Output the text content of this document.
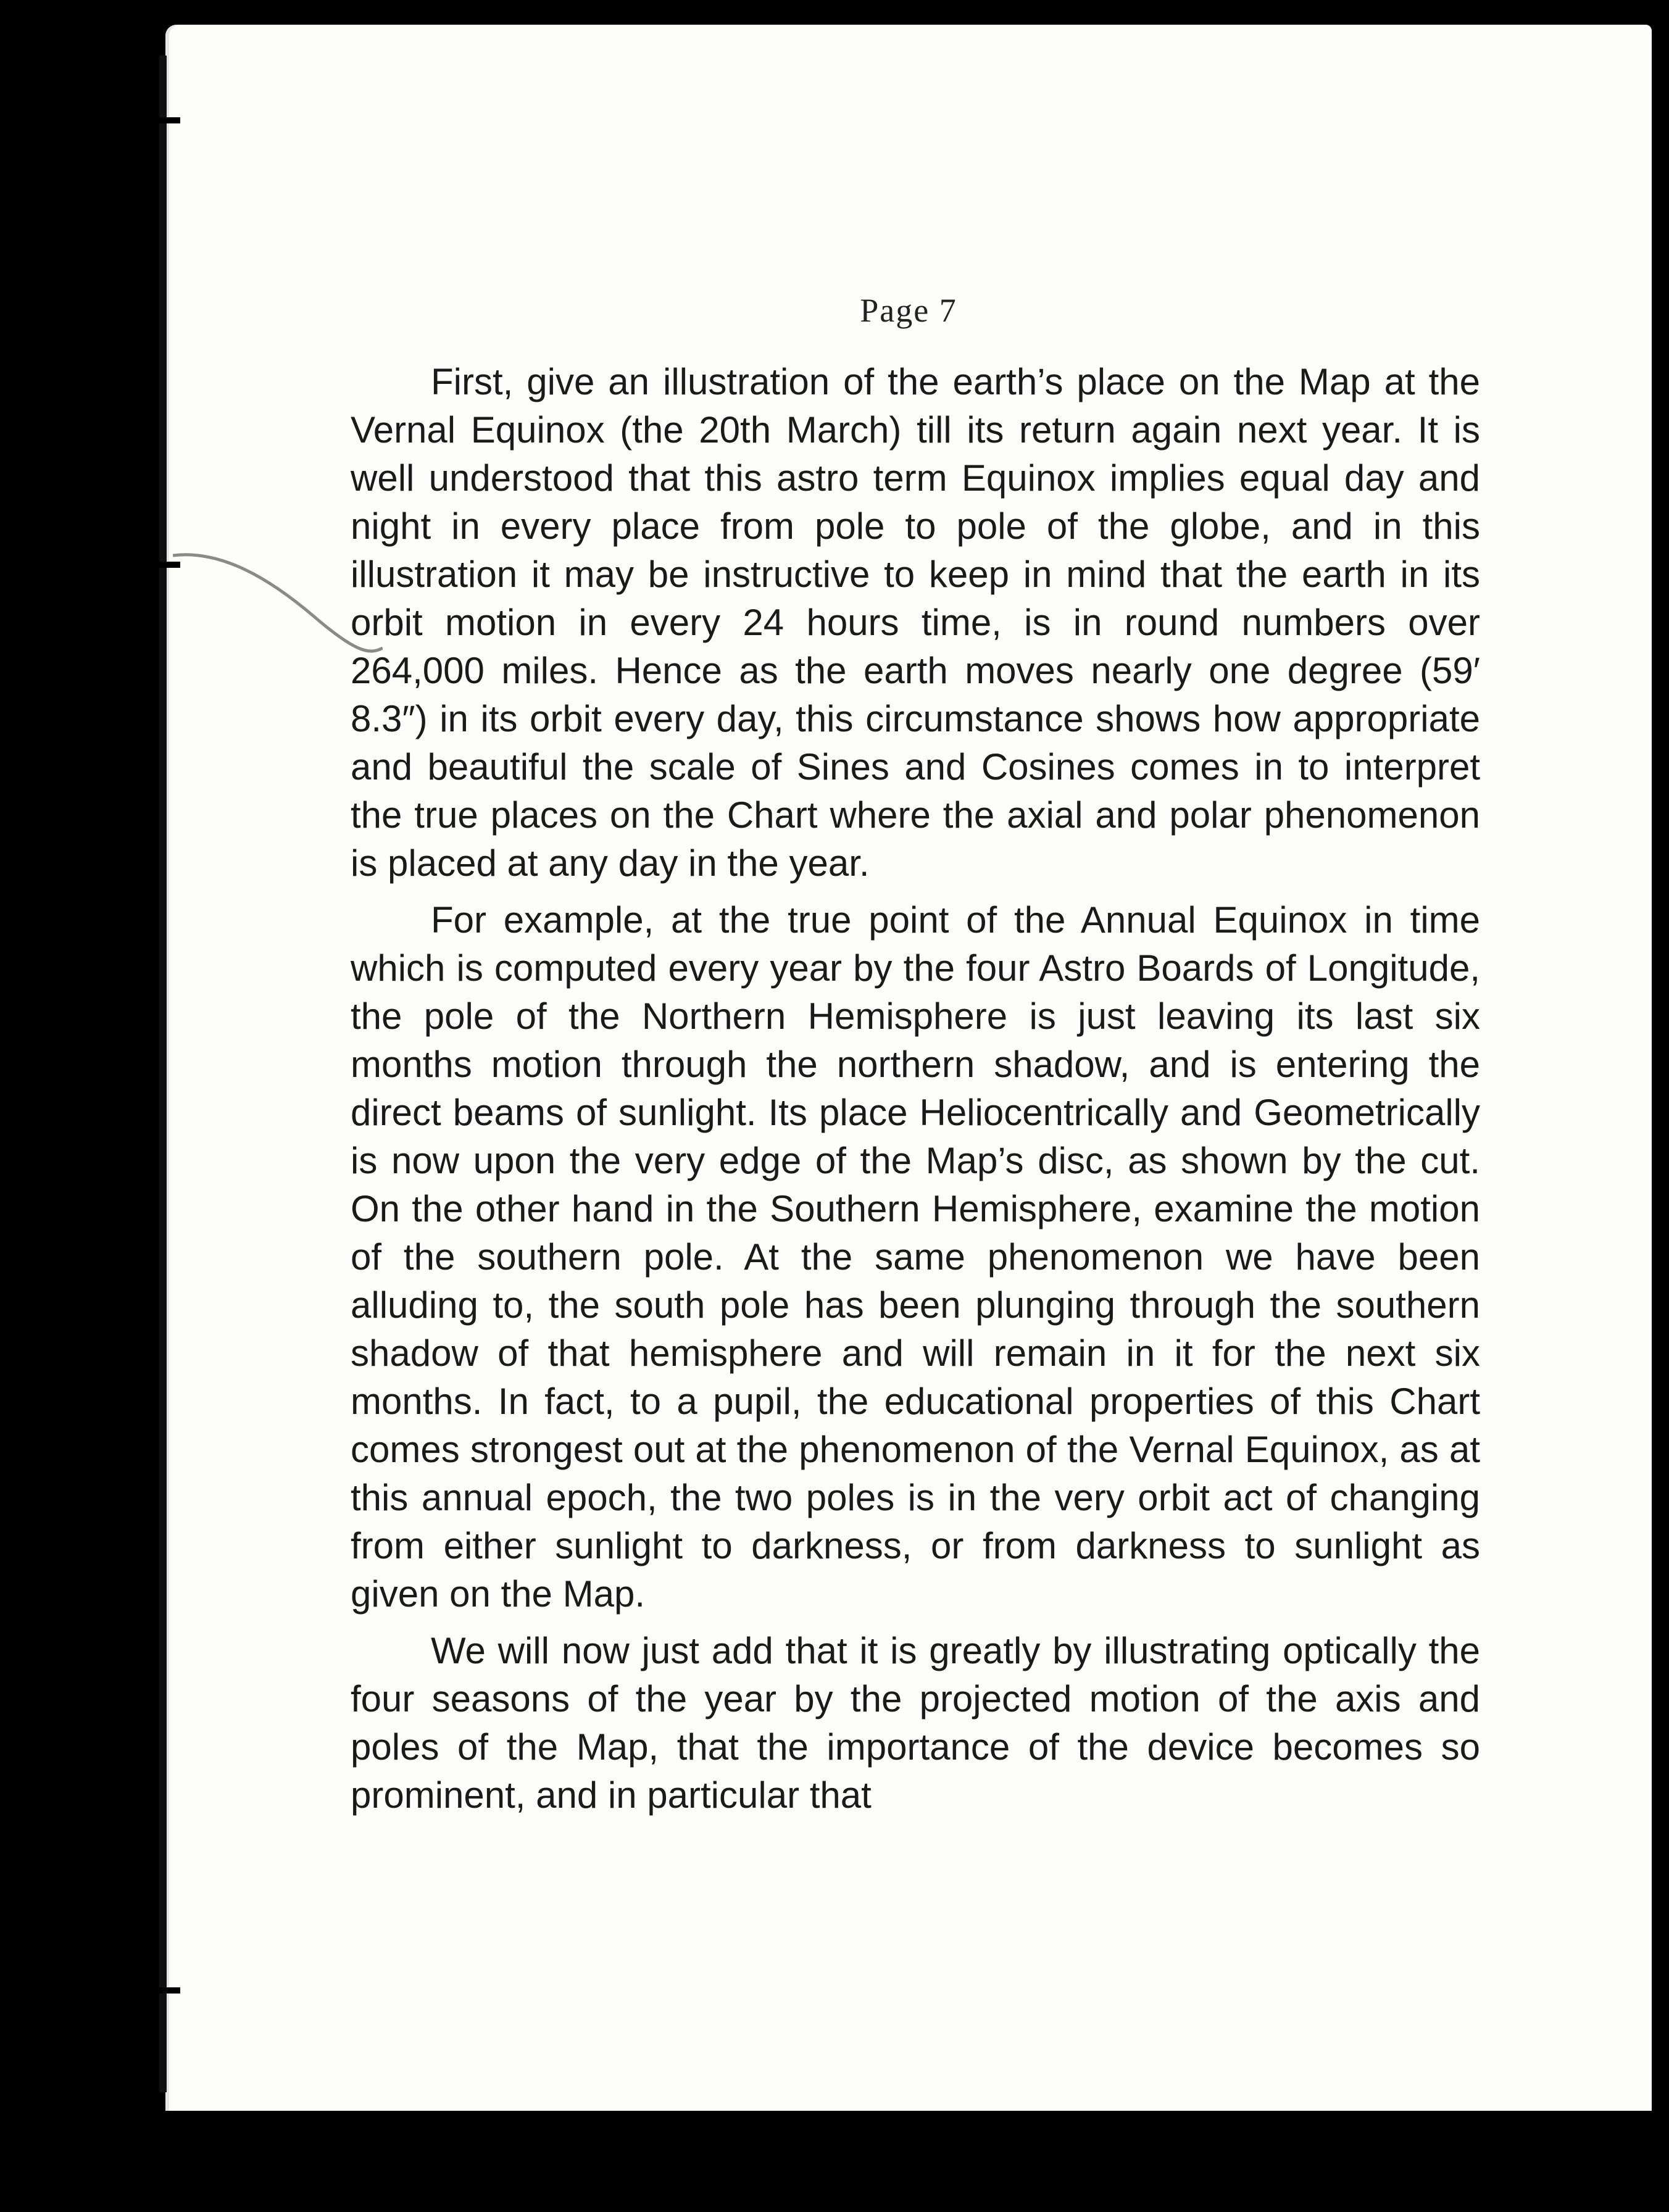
Page 7

First, give an illustration of the earth’s place on the Map at the Vernal Equinox (the 20th March) till its return again next year. It is well understood that this astro term Equinox implies equal day and night in every place from pole to pole of the globe, and in this illustration it may be instructive to keep in mind that the earth in its orbit motion in every 24 hours time, is in round numbers over 264,000 miles. Hence as the earth moves nearly one degree (59′ 8.3″) in its orbit every day, this circumstance shows how appropriate and beautiful the scale of Sines and Cosines comes in to interpret the true places on the Chart where the axial and polar phenomenon is placed at any day in the year.

For example, at the true point of the Annual Equinox in time which is computed every year by the four Astro Boards of Longitude, the pole of the Northern Hemisphere is just leaving its last six months motion through the northern shadow, and is entering the direct beams of sunlight. Its place Heliocentrically and Geometrically is now upon the very edge of the Map’s disc, as shown by the cut. On the other hand in the Southern Hemisphere, examine the motion of the southern pole. At the same phenomenon we have been alluding to, the south pole has been plunging through the southern shadow of that hemisphere and will remain in it for the next six months. In fact, to a pupil, the educational properties of this Chart comes strongest out at the phenomenon of the Vernal Equinox, as at this annual epoch, the two poles is in the very orbit act of changing from either sunlight to darkness, or from darkness to sunlight as given on the Map.

We will now just add that it is greatly by illustrating optically the four seasons of the year by the projected motion of the axis and poles of the Map, that the importance of the device becomes so prominent, and in particular that
